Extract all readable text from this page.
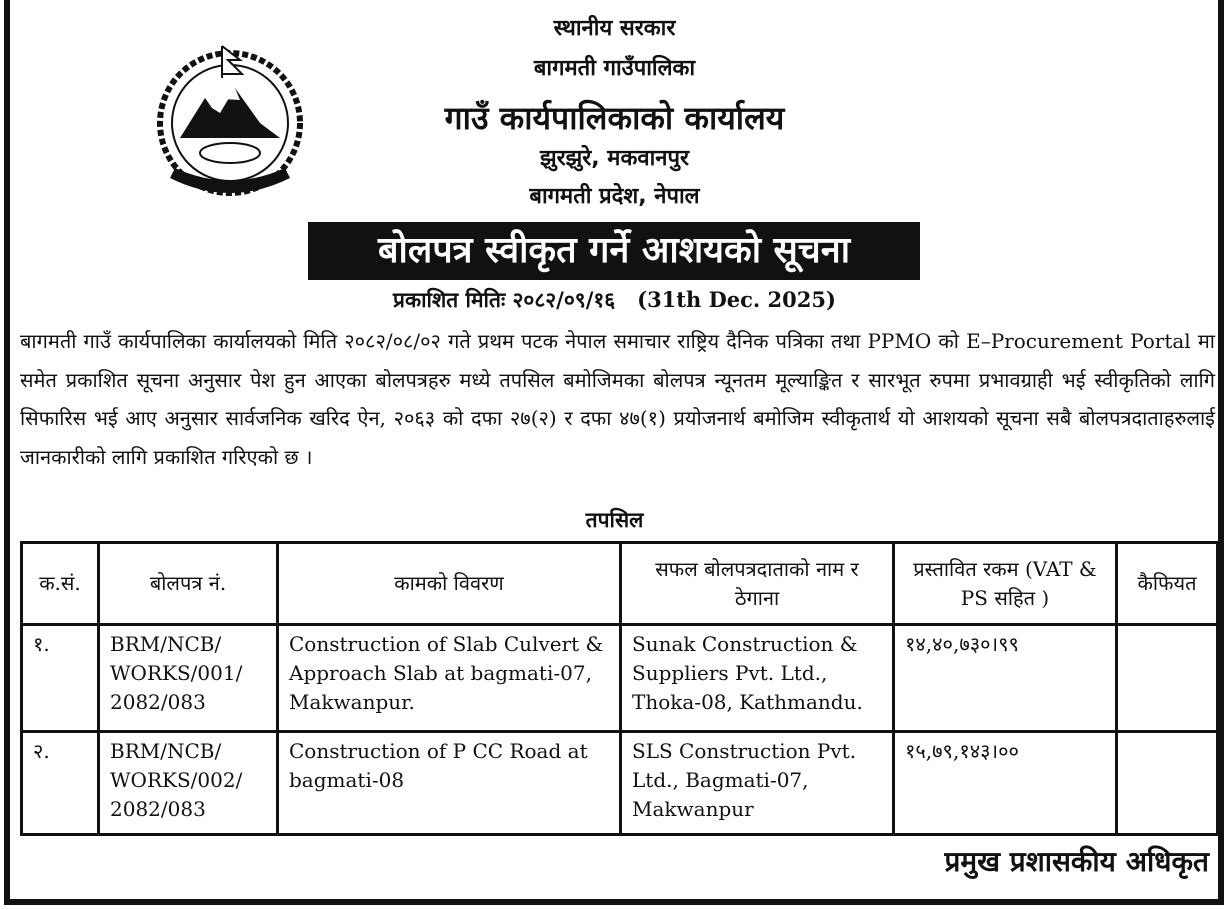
स्थानीय सरकार
बागमती गाउँपालिका
गाउँ कार्यपालिकाको कार्यालय
झुरझुरे, मकवानपुर
बागमती प्रदेश, नेपाल
बोलपत्र स्वीकृत गर्ने आशयको सूचना
प्रकाशित मितिः २०८२/०९/१६   (31th Dec. 2025)
बागमती गाउँ कार्यपालिका कार्यालयको मिति २०८२/०८/०२ गते प्रथम पटक नेपाल समाचार राष्ट्रिय दैनिक पत्रिका तथा PPMO को E–Procurement Portal मा समेत प्रकाशित सूचना अनुसार पेश हुन आएका बोलपत्रहरु मध्ये तपसिल बमोजिमका बोलपत्र न्यूनतम मूल्याङ्कित र सारभूत रुपमा प्रभावग्राही भई स्वीकृतिको लागि सिफारिस भई आए अनुसार सार्वजनिक खरिद ऐन, २०६३ को दफा २७(२) र दफा ४७(१) प्रयोजनार्थ बमोजिम स्वीकृतार्थ यो आशयको सूचना सबै बोलपत्रदाताहरुलाई जानकारीको लागि प्रकाशित गरिएको छ ।
तपसिल
क.सं.	बोलपत्र नं.	कामको विवरण	सफल बोलपत्रदाताको नाम र ठेगाना	प्रस्तावित रकम (VAT & PS सहित )	कैफियत
१.	BRM/NCB/ WORKS/001/ 2082/083	Construction of Slab Culvert & Approach Slab at bagmati-07, Makwanpur.	Sunak Construction & Suppliers Pvt. Ltd., Thoka-08, Kathmandu.	१४,४०,७३०।९९	
२.	BRM/NCB/ WORKS/002/ 2082/083	Construction of P CC Road at bagmati-08	SLS Construction Pvt. Ltd., Bagmati-07, Makwanpur	१५,७९,१४३।००	
प्रमुख प्रशासकीय अधिकृत
